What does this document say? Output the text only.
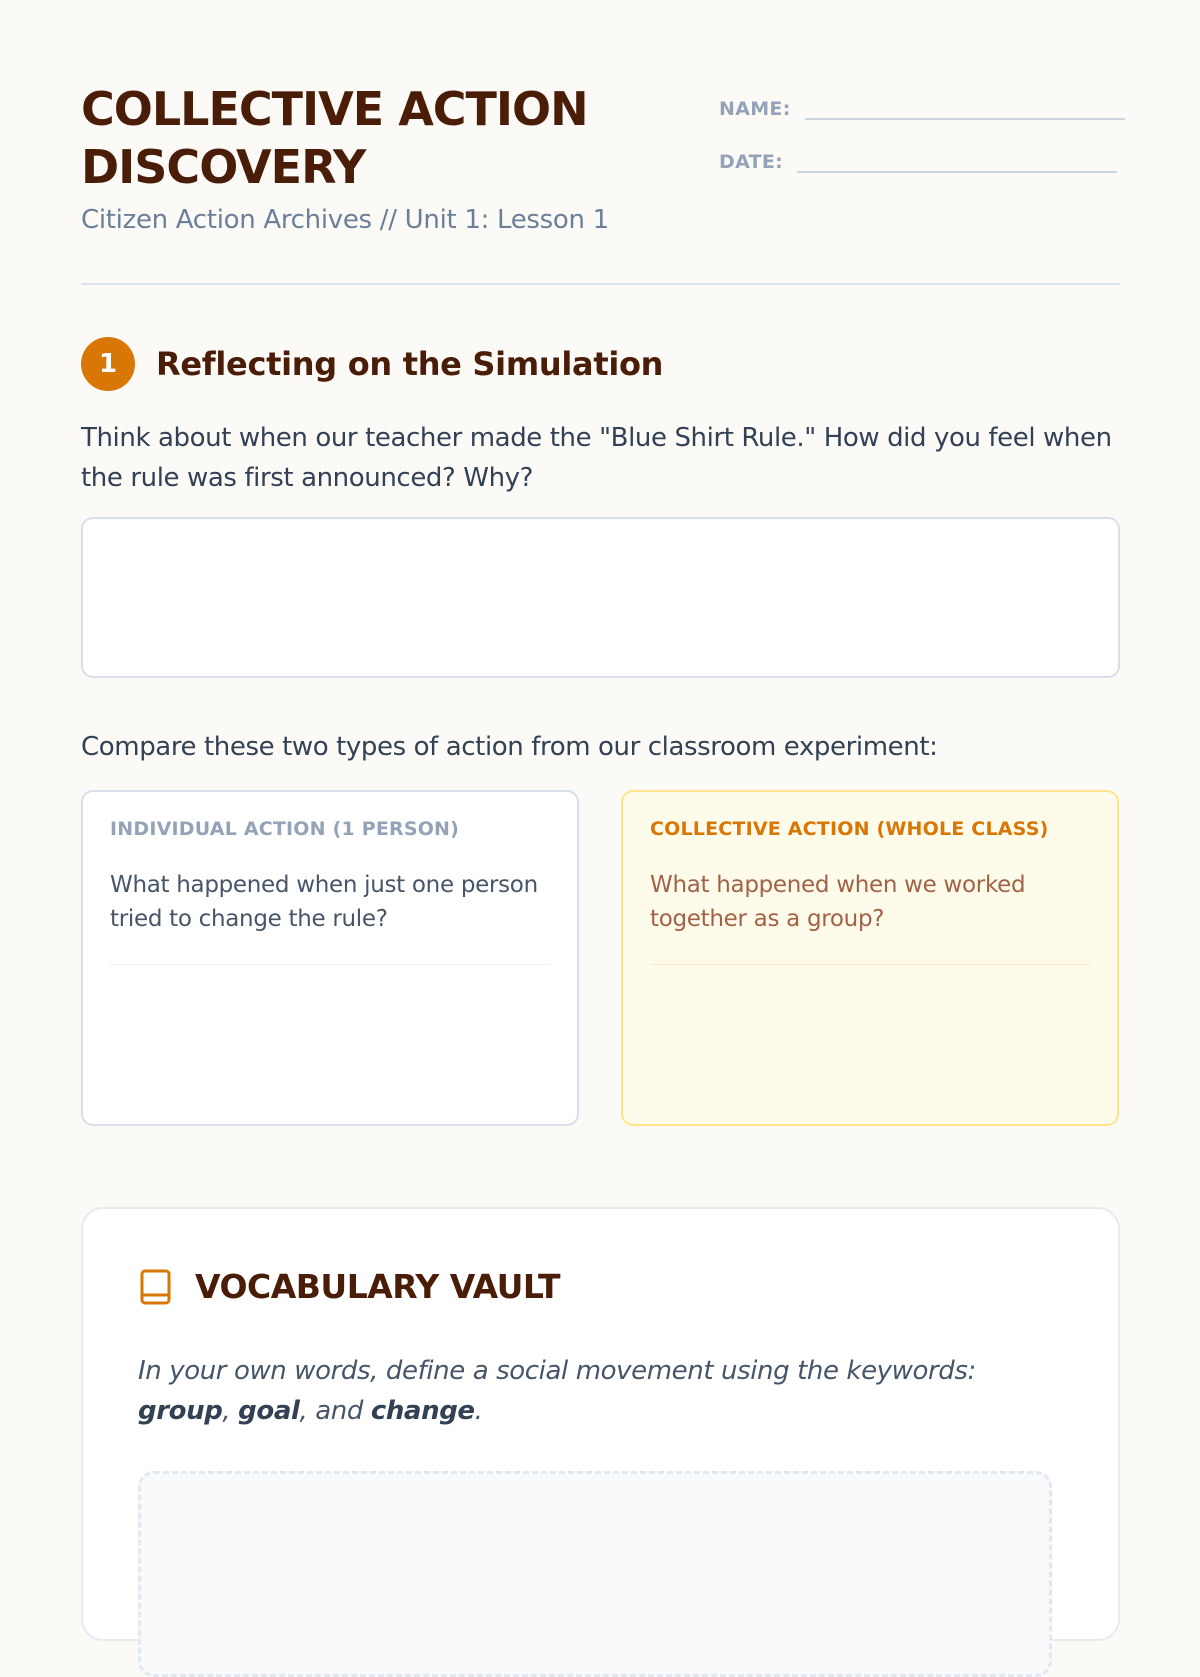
COLLECTIVE ACTION
DISCOVERY
Citizen Action Archives // Unit 1: Lesson 1
NAME:
DATE:
1	Reflecting on the Simulation
Think about when our teacher made the "Blue Shirt Rule." How did you feel when the rule was first announced? Why?
Compare these two types of action from our classroom experiment:
INDIVIDUAL ACTION (1 PERSON)
What happened when just one person tried to change the rule?
COLLECTIVE ACTION (WHOLE CLASS)
What happened when we worked together as a group?
VOCABULARY VAULT
In your own words, define a social movement using the keywords: group, goal, and change.
